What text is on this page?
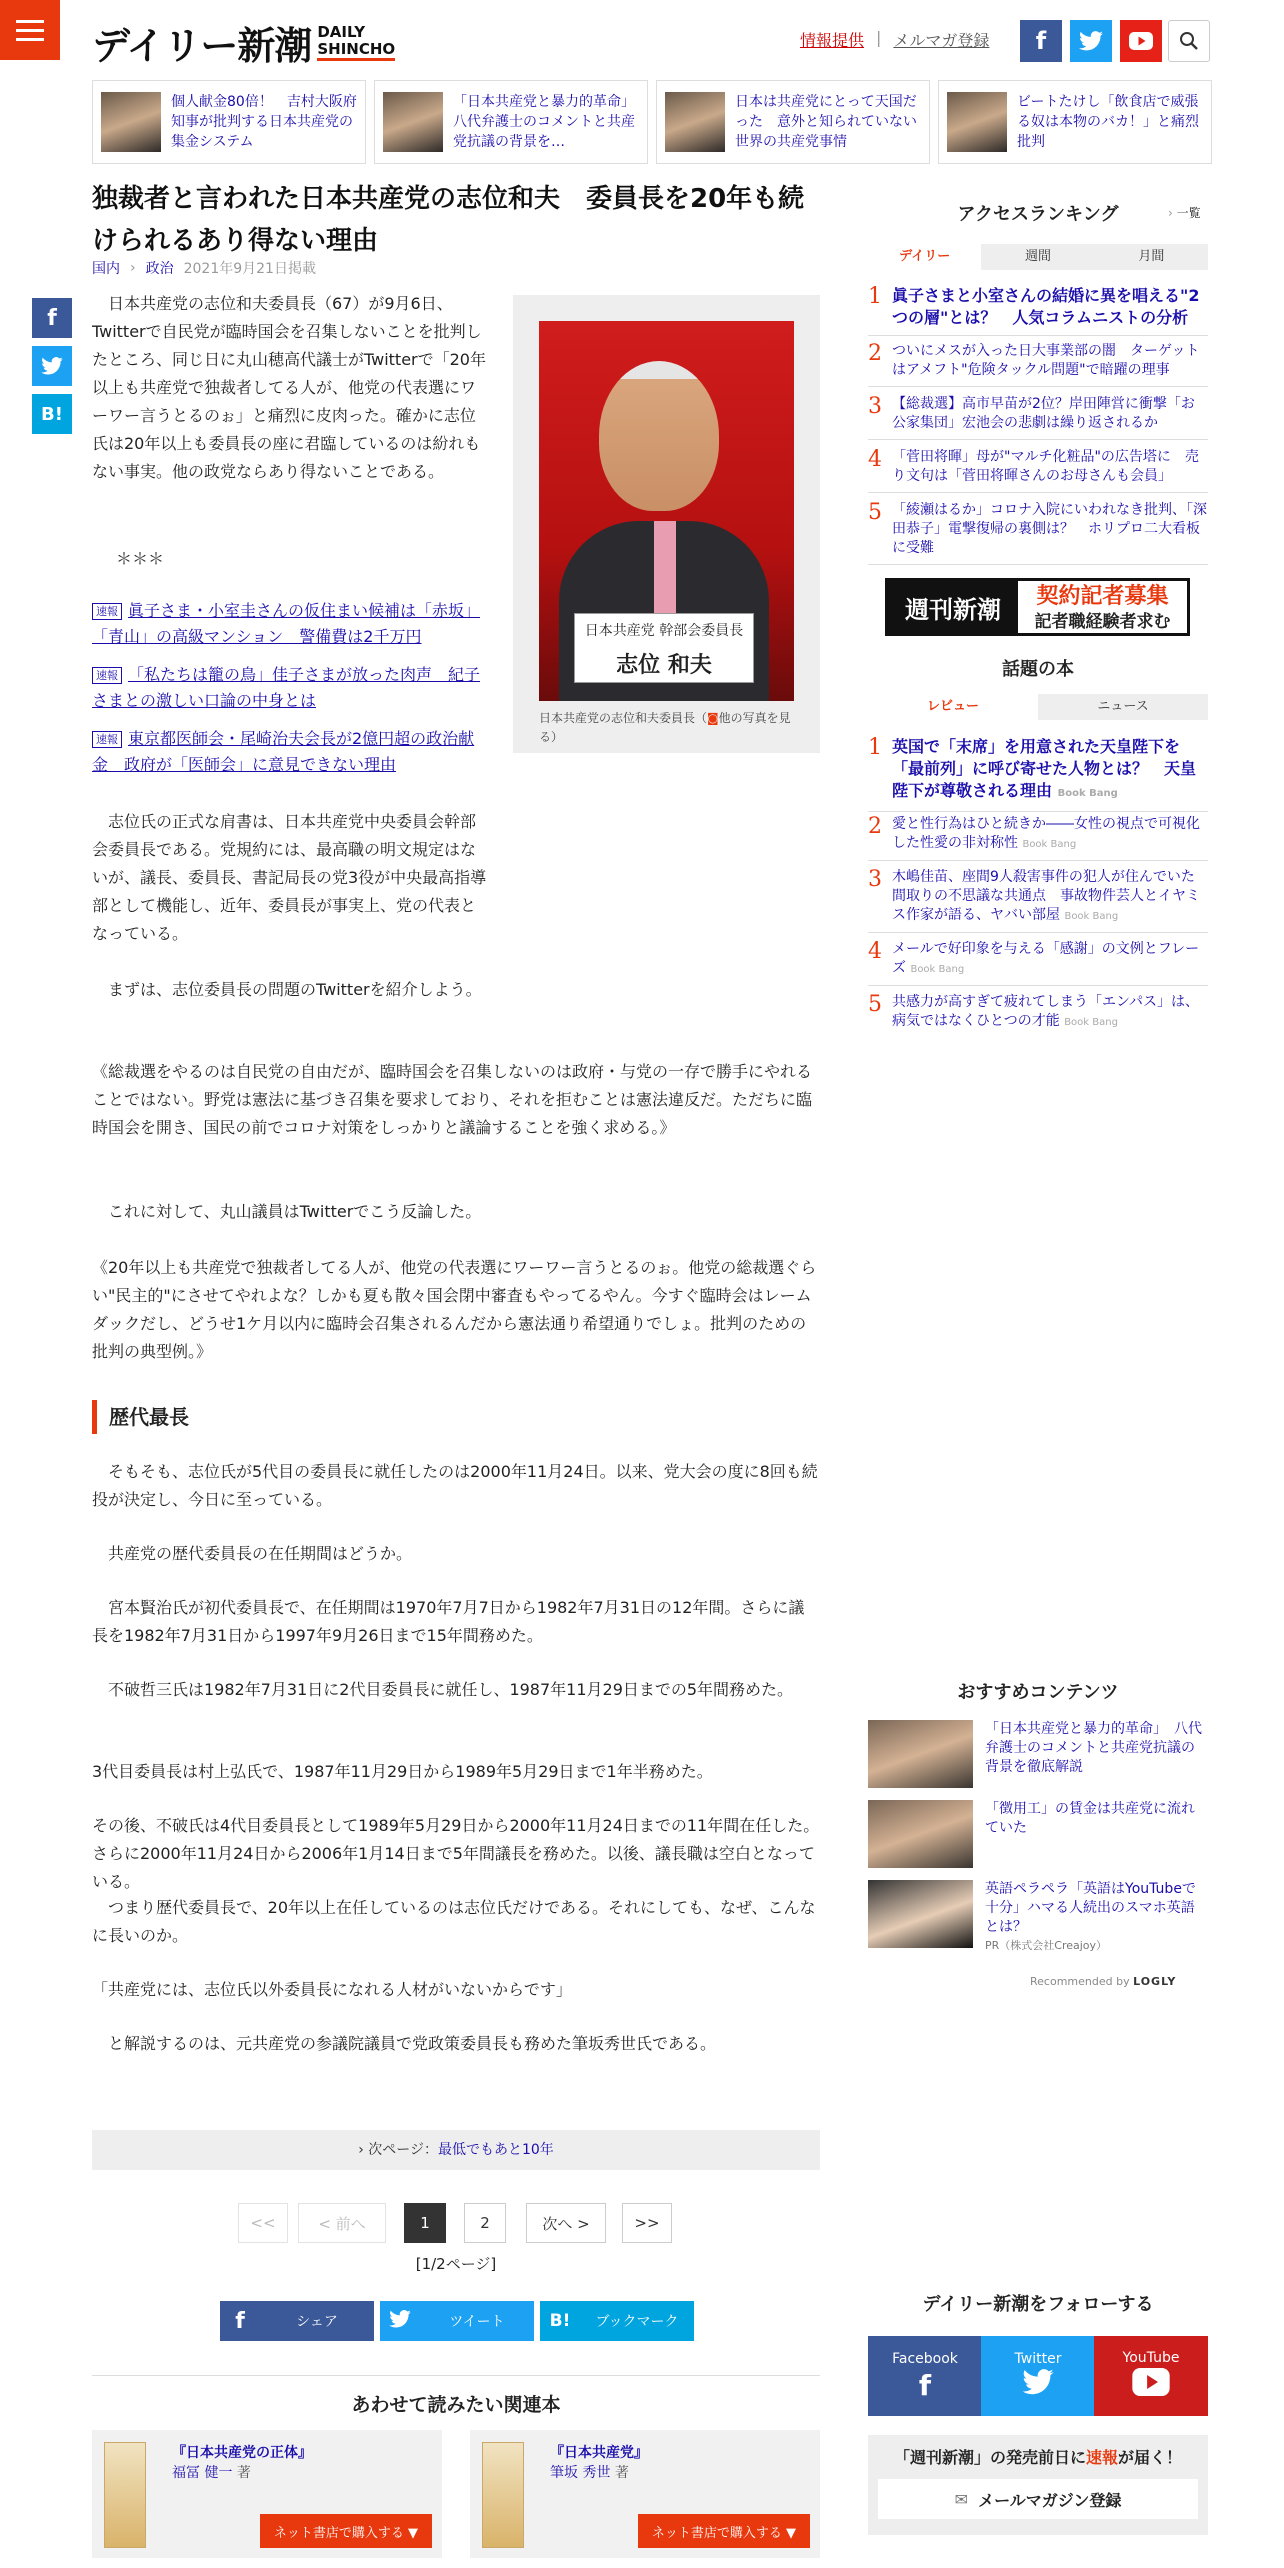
デイリー新潮 DAILY
SHINCHO	情報提供 | メルマガ登録	f
個人献金80倍！　吉村大阪府知事が批判する日本共産党の集金システム
「日本共産党と暴力的革命」　八代弁護士のコメントと共産党抗議の背景を…
日本は共産党にとって天国だった　意外と知られていない世界の共産党事情
ビートたけし「飲食店で威張る奴は本物のバカ！」と痛烈批判
独裁者と言われた日本共産党の志位和夫　委員長を20年も続けられるあり得ない理由
国内 › 政治 2021年9月21日掲載
f
B!

日本共産党の志位和夫委員長（67）が9月6日、Twitterで自民党が臨時国会を召集しないことを批判したところ、同じ日に丸山穂高代議士がTwitterで「20年以上も共産党で独裁者してる人が、他党の代表選にワーワー言うとるのぉ」と痛烈に皮肉った。確かに志位氏は20年以上も委員長の座に君臨しているのは紛れもない事実。他の政党ならあり得ないことである。

＊＊＊

日本共産党 幹部会委員長
志位 和夫
日本共産党の志位和夫委員長（◙他の写真を見る）
速報 眞子さま・小室圭さんの仮住まい候補は「赤坂」「青山」の高級マンション　警備費は2千万円
速報 「私たちは籠の鳥」佳子さまが放った肉声　紀子さまとの激しい口論の中身とは
速報 東京都医師会・尾崎治夫会長が2億円超の政治献金　政府が「医師会」に意見できない理由

志位氏の正式な肩書は、日本共産党中央委員会幹部会委員長である。党規約には、最高職の明文規定はないが、議長、委員長、書記局長の党3役が中央最高指導部として機能し、近年、委員長が事実上、党の代表となっている。

まずは、志位委員長の問題のTwitterを紹介しよう。

《総裁選をやるのは自民党の自由だが、臨時国会を召集しないのは政府・与党の一存で勝手にやれることではない。野党は憲法に基づき召集を要求しており、それを拒むことは憲法違反だ。ただちに臨時国会を開き、国民の前でコロナ対策をしっかりと議論することを強く求める。》

これに対して、丸山議員はTwitterでこう反論した。

《20年以上も共産党で独裁者してる人が、他党の代表選にワーワー言うとるのぉ。他党の総裁選ぐらい"民主的"にさせてやれよな？しかも夏も散々国会閉中審査もやってるやん。今すぐ臨時会はレームダックだし、どうせ1ケ月以内に臨時会召集されるんだから憲法通り希望通りでしょ。批判のための批判の典型例。》

歴代最長

そもそも、志位氏が5代目の委員長に就任したのは2000年11月24日。以来、党大会の度に8回も続投が決定し、今日に至っている。

共産党の歴代委員長の在任期間はどうか。

宮本賢治氏が初代委員長で、在任期間は1970年7月7日から1982年7月31日の12年間。さらに議長を1982年7月31日から1997年9月26日まで15年間務めた。

不破哲三氏は1982年7月31日に2代目委員長に就任し、1987年11月29日までの5年間務めた。

3代目委員長は村上弘氏で、1987年11月29日から1989年5月29日まで1年半務めた。

その後、不破氏は4代目委員長として1989年5月29日から2000年11月24日までの11年間在任した。さらに2000年11月24日から2006年1月14日まで5年間議長を務めた。以後、議長職は空白となっている。

つまり歴代委員長で、20年以上在任しているのは志位氏だけである。それにしても、なぜ、こんなに長いのか。

「共産党には、志位氏以外委員長になれる人材がいないからです」

と解説するのは、元共産党の参議院議員で党政策委員長も務めた筆坂秀世氏である。

› 次ページ：最低でもあと10年
<<	< 前へ	1	2	次へ >	>>
[1/2ページ]
f	シェア	ツイート	B!	ブックマーク
あわせて読みたい関連本
『日本共産党の正体』
福冨 健一 著
ネット書店で購入する ▼
『日本共産党』
筆坂 秀世 著
ネット書店で購入する ▼
アクセスランキング	› 一覧
デイリー	週間	月間
1 眞子さまと小室さんの結婚に異を唱える"2つの層"とは？　人気コラムニストの分析
2 ついにメスが入った日大事業部の闇　ターゲットはアメフト"危険タックル問題"で暗躍の理事
3 【総裁選】高市早苗が2位？岸田陣営に衝撃「お公家集団」宏池会の悲劇は繰り返されるか
4 「菅田将暉」母が"マルチ化粧品"の広告塔に　売り文句は「菅田将暉さんのお母さんも会員」
5 「綾瀬はるか」コロナ入院にいわれなき批判、「深田恭子」電撃復帰の裏側は？　ホリプロ二大看板に受難
週刊新潮	契約記者募集
記者職経験者求む
話題の本
レビュー	ニュース
1 英国で「末席」を用意された天皇陛下を「最前列」に呼び寄せた人物とは？　天皇陛下が尊敬される理由 Book Bang
2 愛と性行為はひと続きか――女性の視点で可視化した性愛の非対称性 Book Bang
3 木嶋佳苗、座間9人殺害事件の犯人が住んでいた間取りの不思議な共通点　事故物件芸人とイヤミス作家が語る、ヤバい部屋 Book Bang
4 メールで好印象を与える「感謝」の文例とフレーズ Book Bang
5 共感力が高すぎて疲れてしまう「エンパス」は、病気ではなくひとつの才能 Book Bang
おすすめコンテンツ
「日本共産党と暴力的革命」　八代弁護士のコメントと共産党抗議の背景を徹底解説
「徴用工」の賃金は共産党に流れていた
英語ペラペラ「英語はYouTubeで十分」ハマる人続出のスマホ英語とは？
PR（株式会社Creajoy）
Recommended by LOGLY
デイリー新潮をフォローする
Facebook
f
Twitter	YouTube
「週刊新潮」の発売前日に速報が届く！
✉ メールマガジン登録
